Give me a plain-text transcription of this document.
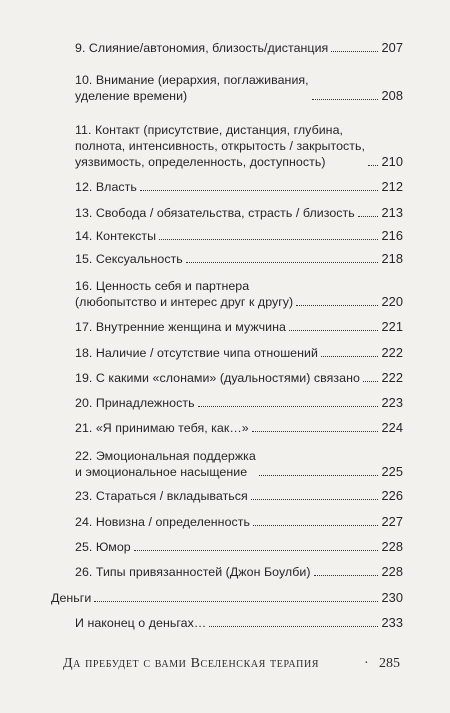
9. Слияние/автономия, близость/дистанция	207
10. Внимание (иерархия, поглаживания,
уделение времени)	208
11. Контакт (присутствие, дистанция, глубина,
полнота, интенсивность, открытость / закрытость,
уязвимость, определенность, доступность)	210
12. Власть	212
13. Свобода / обязательства, страсть / близость 213
14. Контексты	216
15. Сексуальность	218
16. Ценность себя и партнера
(любопытство и интерес друг к другу)	220
17. Внутренние женщина и мужчина	221
18. Наличие / отсутствие чипа отношений	222
19. С какими «слонами» (дуальностями) связано 222
20. Принадлежность	223
21. «Я принимаю тебя, как…»	224
22. Эмоциональная поддержка
и эмоциональное насыщение	225
23. Стараться / вкладываться	226
24. Новизна / определенность	227
25. Юмор	228
26. Типы привязанностей (Джон Боулби)	228
Деньги	230
И наконец о деньгах…	233
Да пребудет с вами Вселенская терапия	· 285
